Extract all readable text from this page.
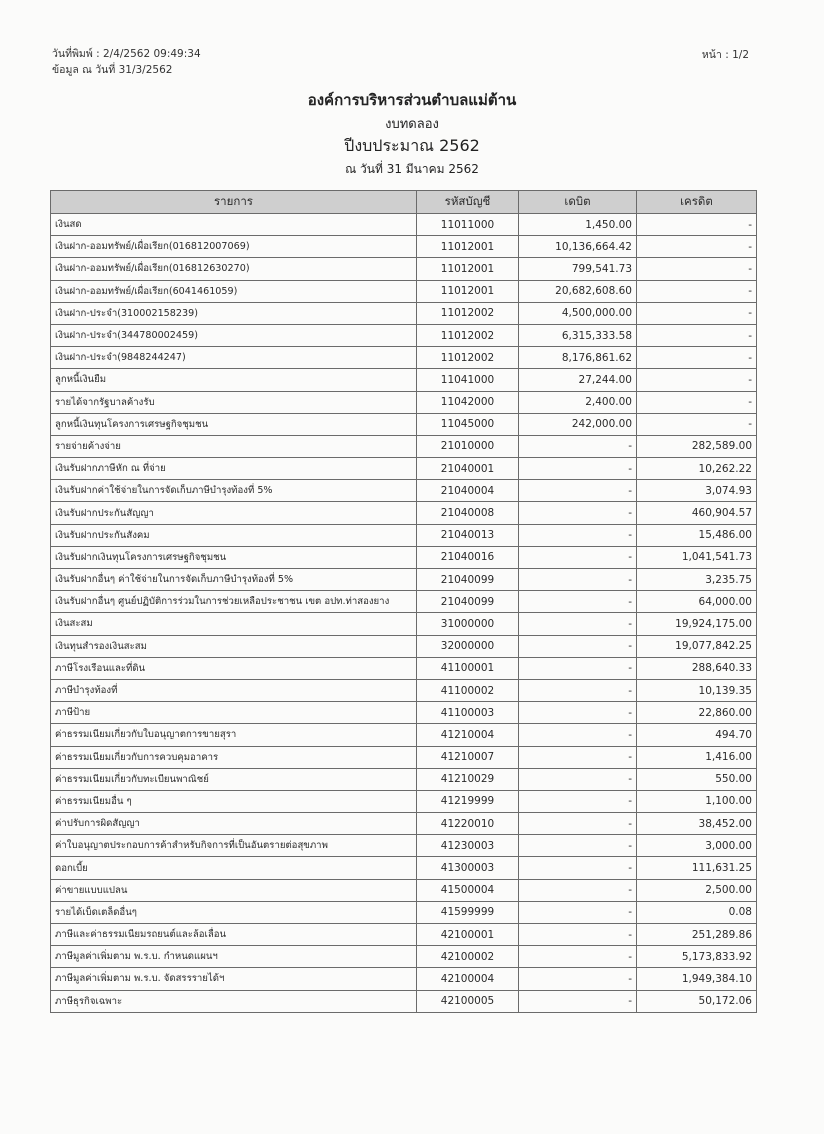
วันที่พิมพ์ : 2/4/2562 09:49:34
ข้อมูล ณ วันที่ 31/3/2562
หน้า : 1/2
องค์การบริหารส่วนตำบลแม่ต้าน
งบทดลอง
ปีงบประมาณ 2562
ณ วันที่ 31 มีนาคม 2562
รายการ	รหัสบัญชี	เดบิต	เครดิต
เงินสด	11011000	1,450.00	-
เงินฝาก-ออมทรัพย์/เผื่อเรียก(016812007069)	11012001	10,136,664.42	-
เงินฝาก-ออมทรัพย์/เผื่อเรียก(016812630270)	11012001	799,541.73	-
เงินฝาก-ออมทรัพย์/เผื่อเรียก(6041461059)	11012001	20,682,608.60	-
เงินฝาก-ประจำ(310002158239)	11012002	4,500,000.00	-
เงินฝาก-ประจำ(344780002459)	11012002	6,315,333.58	-
เงินฝาก-ประจำ(9848244247)	11012002	8,176,861.62	-
ลูกหนี้เงินยืม	11041000	27,244.00	-
รายได้จากรัฐบาลค้างรับ	11042000	2,400.00	-
ลูกหนี้เงินทุนโครงการเศรษฐกิจชุมชน	11045000	242,000.00	-
รายจ่ายค้างจ่าย	21010000	-	282,589.00
เงินรับฝากภาษีหัก ณ ที่จ่าย	21040001	-	10,262.22
เงินรับฝากค่าใช้จ่ายในการจัดเก็บภาษีบำรุงท้องที่ 5%	21040004	-	3,074.93
เงินรับฝากประกันสัญญา	21040008	-	460,904.57
เงินรับฝากประกันสังคม	21040013	-	15,486.00
เงินรับฝากเงินทุนโครงการเศรษฐกิจชุมชน	21040016	-	1,041,541.73
เงินรับฝากอื่นๆ ค่าใช้จ่ายในการจัดเก็บภาษีบำรุงท้องที่ 5%	21040099	-	3,235.75
เงินรับฝากอื่นๆ ศูนย์ปฏิบัติการร่วมในการช่วยเหลือประชาชน เขต อปท.ท่าสองยาง	21040099	-	64,000.00
เงินสะสม	31000000	-	19,924,175.00
เงินทุนสำรองเงินสะสม	32000000	-	19,077,842.25
ภาษีโรงเรือนและที่ดิน	41100001	-	288,640.33
ภาษีบำรุงท้องที่	41100002	-	10,139.35
ภาษีป้าย	41100003	-	22,860.00
ค่าธรรมเนียมเกี่ยวกับใบอนุญาตการขายสุรา	41210004	-	494.70
ค่าธรรมเนียมเกี่ยวกับการควบคุมอาคาร	41210007	-	1,416.00
ค่าธรรมเนียมเกี่ยวกับทะเบียนพาณิชย์	41210029	-	550.00
ค่าธรรมเนียมอื่น ๆ	41219999	-	1,100.00
ค่าปรับการผิดสัญญา	41220010	-	38,452.00
ค่าใบอนุญาตประกอบการค้าสำหรับกิจการที่เป็นอันตรายต่อสุขภาพ	41230003	-	3,000.00
ดอกเบี้ย	41300003	-	111,631.25
ค่าขายแบบแปลน	41500004	-	2,500.00
รายได้เบ็ดเตล็ดอื่นๆ	41599999	-	0.08
ภาษีและค่าธรรมเนียมรถยนต์และล้อเลื่อน	42100001	-	251,289.86
ภาษีมูลค่าเพิ่มตาม พ.ร.บ. กำหนดแผนฯ	42100002	-	5,173,833.92
ภาษีมูลค่าเพิ่มตาม พ.ร.บ. จัดสรรรายได้ฯ	42100004	-	1,949,384.10
ภาษีธุรกิจเฉพาะ	42100005	-	50,172.06
